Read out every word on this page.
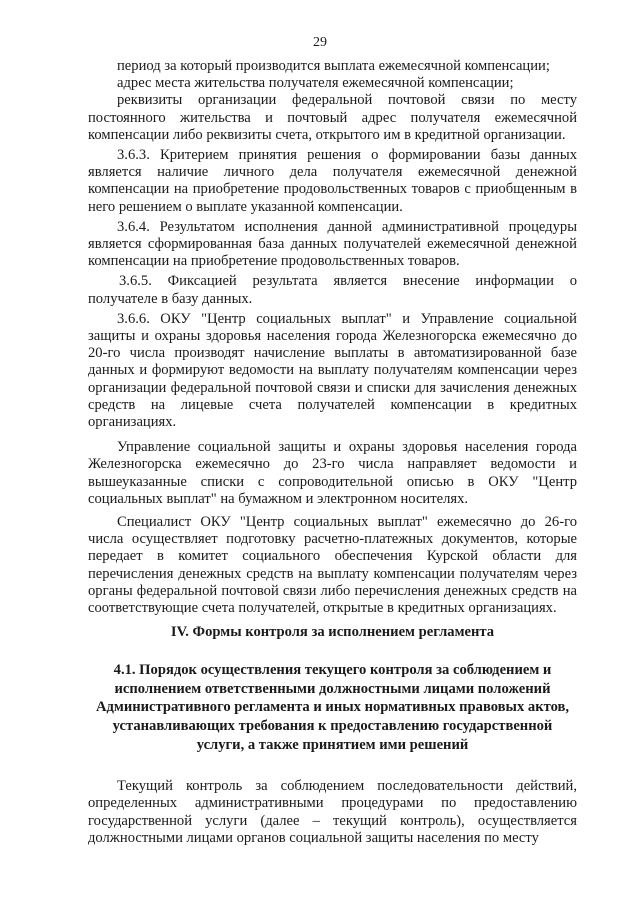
29

период за который производится выплата ежемесячной компенсации;

адрес места жительства получателя ежемесячной компенсации;

реквизиты организации федеральной почтовой связи по месту постоянного жительства и почтовый адрес получателя ежемесячной компенсации либо реквизиты счета, открытого им в кредитной организации.

3.6.3. Критерием принятия решения о формировании базы данных является наличие личного дела получателя ежемесячной денежной компенсации на приобретение продовольственных товаров с приобщенным в него решением о выплате указанной компенсации.

3.6.4. Результатом исполнения данной административной процедуры является сформированная база данных получателей ежемесячной денежной компенсации на приобретение продовольственных товаров.

3.6.5. Фиксацией результата является внесение информации о получателе в базу данных.

3.6.6. ОКУ "Центр социальных выплат" и Управление социальной защиты и охраны здоровья населения города Железногорска ежемесячно до 20-го числа производят начисление выплаты в автоматизированной базе данных и формируют ведомости на выплату получателям компенсации через организации федеральной почтовой связи и списки для зачисления денежных средств на лицевые счета получателей компенсации в кредитных организациях.

Управление социальной защиты и охраны здоровья населения города Железногорска ежемесячно до 23-го числа направляет ведомости и вышеуказанные списки с сопроводительной описью в ОКУ "Центр социальных выплат" на бумажном и электронном носителях.

Специалист ОКУ "Центр социальных выплат" ежемесячно до 26-го числа осуществляет подготовку расчетно-платежных документов, которые передает в комитет социального обеспечения Курской области для перечисления денежных средств на выплату компенсации получателям через органы федеральной почтовой связи либо перечисления денежных средств на соответствующие счета получателей, открытые в кредитных организациях.

IV. Формы контроля за исполнением регламента
4.1. Порядок осуществления текущего контроля за соблюдением и исполнением ответственными должностными лицами положений Административного регламента и иных нормативных правовых актов, устанавливающих требования к предоставлению государственной услуги, а также принятием ими решений

Текущий контроль за соблюдением последовательности действий, определенных административными процедурами по предоставлению государственной услуги (далее – текущий контроль), осуществляется должностными лицами органов социальной защиты населения по месту
